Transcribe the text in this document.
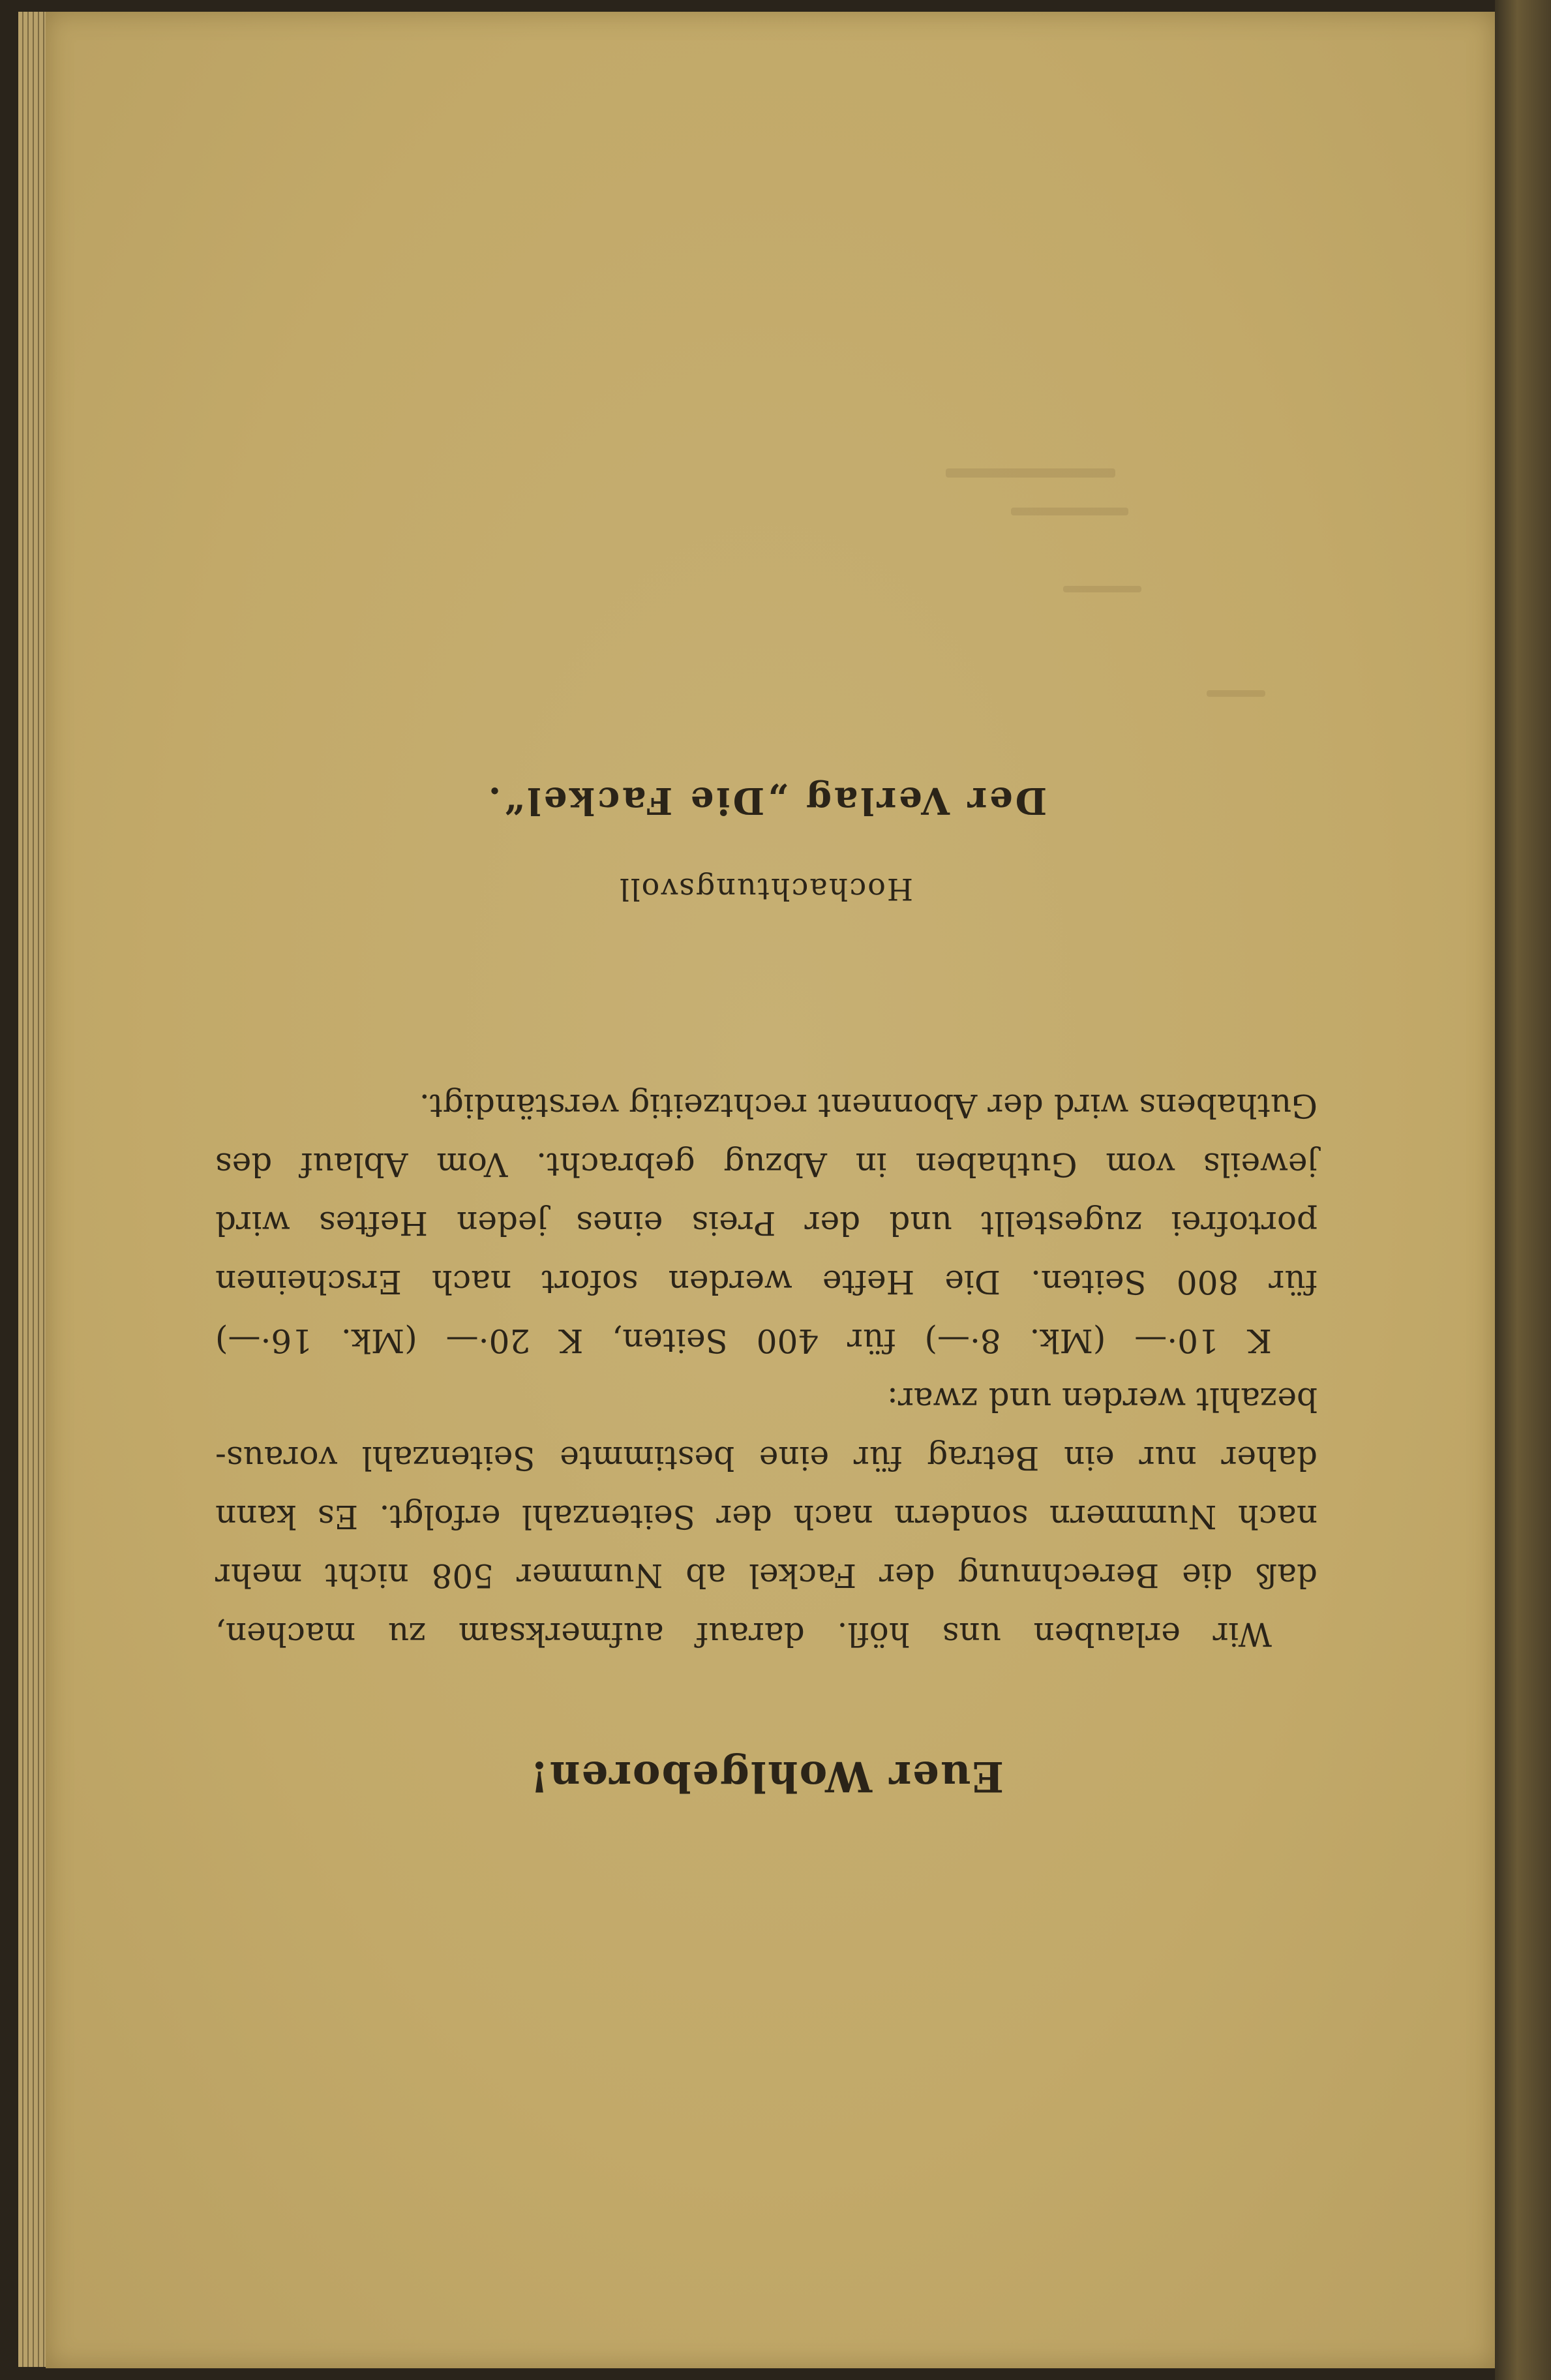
Euer Wohlgeboren!
Wir erlauben uns höfl. darauf aufmerksam zu machen,
daß die Berechnung der Fackel ab Nummer 508 nicht mehr
nach Nummern sondern nach der Seitenzahl erfolgt. Es kann
daher nur ein Betrag für eine bestimmte Seitenzahl voraus-
bezahlt werden und zwar:
K 10·— (Mk. 8·—) für 400 Seiten, K 20·— (Mk. 16·—)
für 800 Seiten. Die Hefte werden sofort nach Erscheinen
portofrei zugestellt und der Preis eines jeden Heftes wird
jeweils vom Guthaben in Abzug gebracht. Vom Ablauf des
Guthabens wird der Abonnent rechtzeitig verständigt.

Hochachtungsvoll

Der Verlag „Die Fackel“.
